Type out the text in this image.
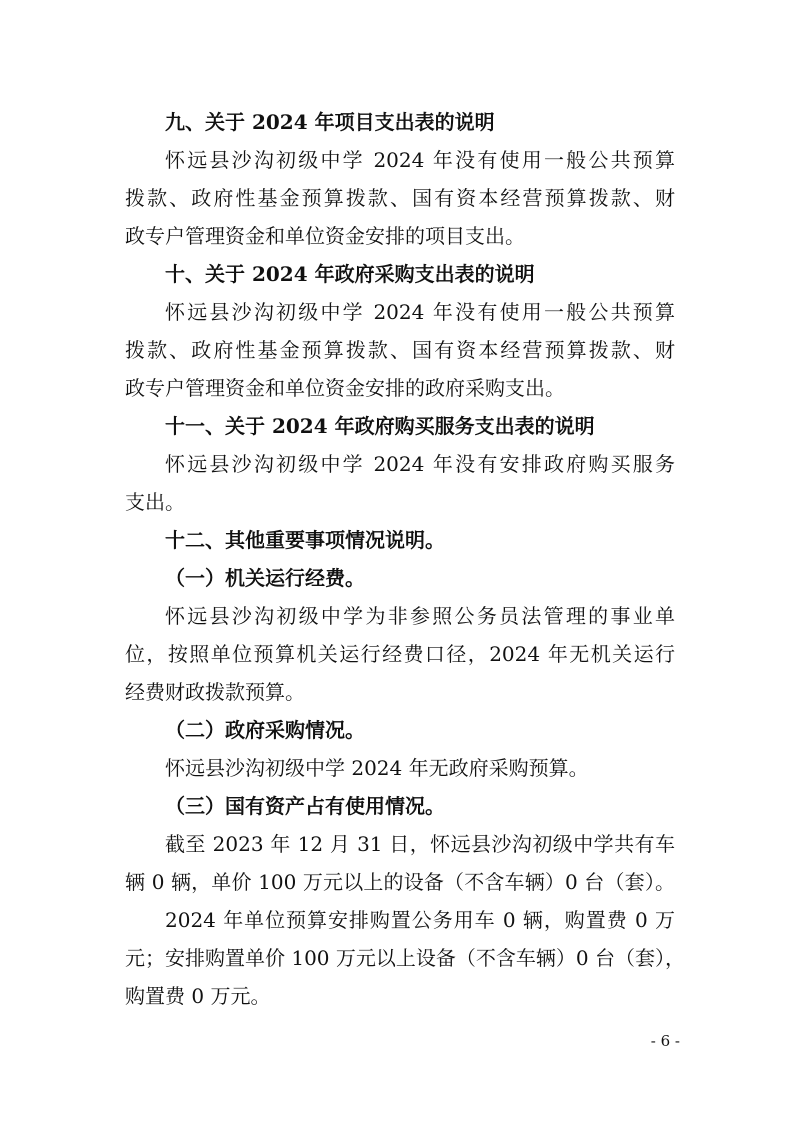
九、关于 2024 年项目支出表的说明
怀远县沙沟初级中学 2024 年没有使用一般公共预算
拨款、政府性基金预算拨款、国有资本经营预算拨款、财
政专户管理资金和单位资金安排的项目支出。
十、关于 2024 年政府采购支出表的说明
怀远县沙沟初级中学 2024 年没有使用一般公共预算
拨款、政府性基金预算拨款、国有资本经营预算拨款、财
政专户管理资金和单位资金安排的政府采购支出。
十一、关于 2024 年政府购买服务支出表的说明
怀远县沙沟初级中学 2024 年没有安排政府购买服务
支出。
十二、其他重要事项情况说明。
（一）机关运行经费。
怀远县沙沟初级中学为非参照公务员法管理的事业单
位，按照单位预算机关运行经费口径，2024 年无机关运行
经费财政拨款预算。
（二）政府采购情况。
怀远县沙沟初级中学 2024 年无政府采购预算。
（三）国有资产占有使用情况。
截至 2023 年 12 月 31 日，怀远县沙沟初级中学共有车
辆 0 辆，单价 100 万元以上的设备（不含车辆）0 台（套）。
2024 年单位预算安排购置公务用车 0 辆，购置费 0 万
元；安排购置单价 100 万元以上设备（不含车辆）0 台（套），
购置费 0 万元。
- 6 -
